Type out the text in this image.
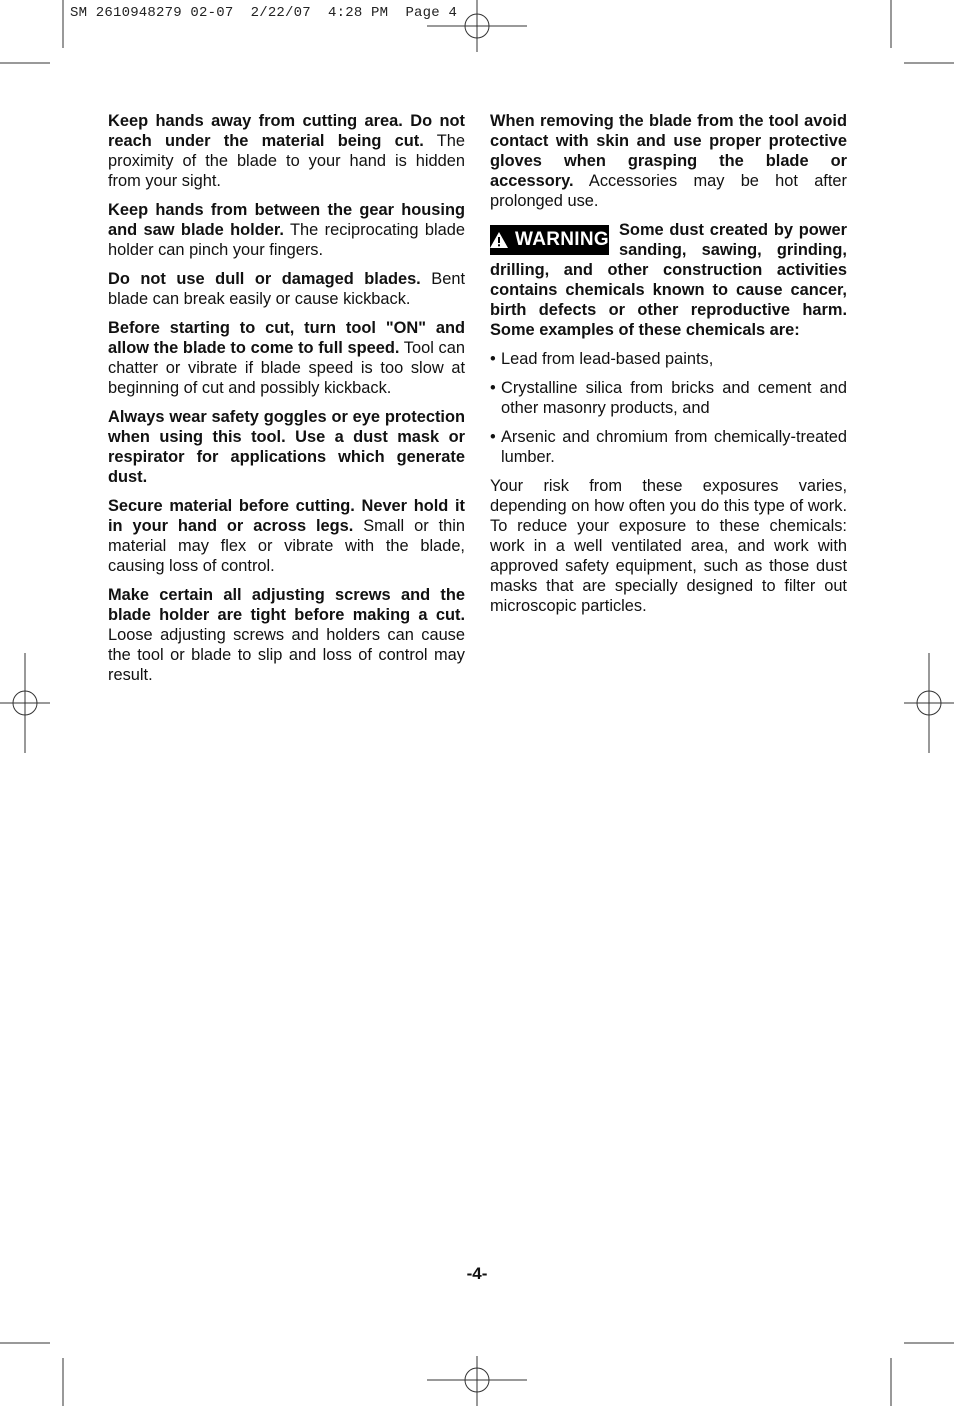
SM 2610948279 02-07  2/22/07  4:28 PM  Page 4

Keep hands away from cutting area. Do not reach under the material being cut. The proximity of the blade to your hand is hidden from your sight.

Keep hands from between the gear housing and saw blade holder. The reciprocating blade holder can pinch your fingers.

Do not use dull or damaged blades. Bent blade can break easily or cause kickback.

Before starting to cut, turn tool "ON" and allow the blade to come to full speed. Tool can chatter or vibrate if blade speed is too slow at beginning of cut and possibly kickback.

Always wear safety goggles or eye protection when using this tool. Use a dust mask or respirator for applications which generate dust.

Secure material before cutting. Never hold it in your hand or across legs. Small or thin material may flex or vibrate with the blade, causing loss of control.

Make certain all adjusting screws and the blade holder are tight before making a cut. Loose adjusting screws and holders can cause the tool or blade to slip and loss of control may result.

When removing the blade from the tool avoid contact with skin and use proper protective gloves when grasping the blade or accessory. Accessories may be hot after prolonged use.

WARNING Some dust created by power sanding, sawing, grinding, drilling, and other construction activities contains chemicals known to cause cancer, birth defects or other reproductive harm. Some examples of these chemicals are:

• Lead from lead-based paints,
• Crystalline silica from bricks and cement and other masonry products, and
• Arsenic and chromium from chemically-treated lumber.

Your risk from these exposures varies, depending on how often you do this type of work. To reduce your exposure to these chemicals: work in a well ventilated area, and work with approved safety equipment, such as those dust masks that are specially designed to filter out microscopic particles.

-4-
